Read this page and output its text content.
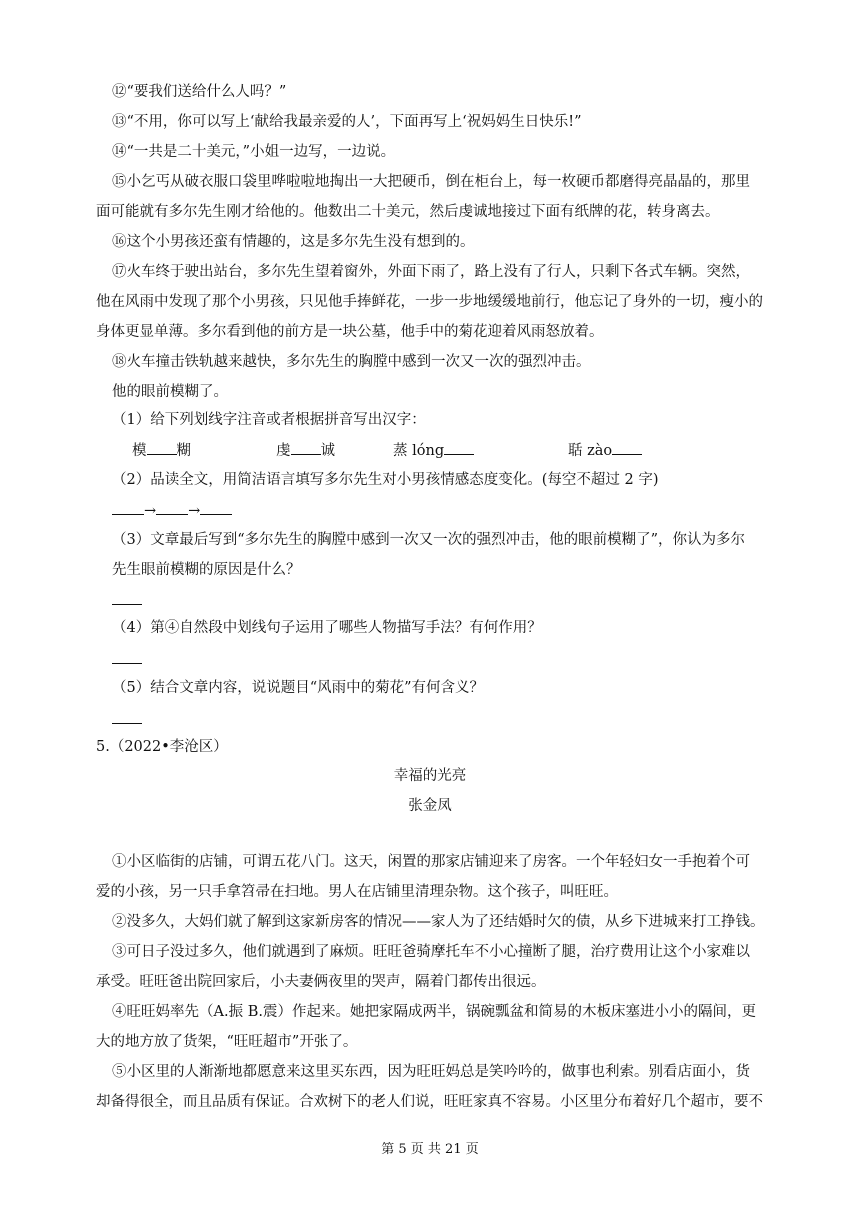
⑫“要我们送给什么人吗？”
⑬“不用，你可以写上‘献给我最亲爱的人’，下面再写上‘祝妈妈生日快乐!”
⑭“一共是二十美元，”小姐一边写，一边说。
⑮小乞丐从破衣服口袋里哗啦啦地掏出一大把硬币，倒在柜台上，每一枚硬币都磨得亮晶晶的，那里
面可能就有多尔先生刚才给他的。他数出二十美元，然后虔诚地接过下面有纸牌的花，转身离去。
⑯这个小男孩还蛮有情趣的，这是多尔先生没有想到的。
⑰火车终于驶出站台，多尔先生望着窗外，外面下雨了，路上没有了行人，只剩下各式车辆。突然，
他在风雨中发现了那个小男孩，只见他手捧鲜花，一步一步地缓缓地前行，他忘记了身外的一切，瘦小的
身体更显单薄。多尔看到他的前方是一块公墓，他手中的菊花迎着风雨怒放着。
⑱火车撞击铁轨越来越快，多尔先生的胸膛中感到一次又一次的强烈冲击。
他的眼前模糊了。
（1）给下列划线字注音或者根据拼音写出汉字：
模 糊	虔 诚	蒸 lóng	聒 zào
（2）品读全文，用简洁语言填写多尔先生对小男孩情感态度变化。(每空不超过 2 字)
→ →
（3）文章最后写到“多尔先生的胸膛中感到一次又一次的强烈冲击，他的眼前模糊了”，你认为多尔
先生眼前模糊的原因是什么？
（4）第④自然段中划线句子运用了哪些人物描写手法？有何作用？
（5）结合文章内容，说说题目“风雨中的菊花”有何含义？
5.（2022•李沧区）
幸福的光亮
张金凤
①小区临街的店铺，可谓五花八门。这天，闲置的那家店铺迎来了房客。一个年轻妇女一手抱着个可
爱的小孩，另一只手拿笤帚在扫地。男人在店铺里清理杂物。这个孩子，叫旺旺。
②没多久，大妈们就了解到这家新房客的情况——家人为了还结婚时欠的债，从乡下进城来打工挣钱。
③可日子没过多久，他们就遇到了麻烦。旺旺爸骑摩托车不小心撞断了腿，治疗费用让这个小家难以
承受。旺旺爸出院回家后，小夫妻俩夜里的哭声，隔着门都传出很远。
④旺旺妈率先（A.振 B.震）作起来。她把家隔成两半，锅碗瓢盆和简易的木板床塞进小小的隔间，更
大的地方放了货架，“旺旺超市”开张了。
⑤小区里的人渐渐地都愿意来这里买东西，因为旺旺妈总是笑吟吟的，做事也利索。别看店面小，货
却备得很全，而且品质有保证。合欢树下的老人们说，旺旺家真不容易。小区里分布着好几个超市，要不
第 5 页 共 21 页
